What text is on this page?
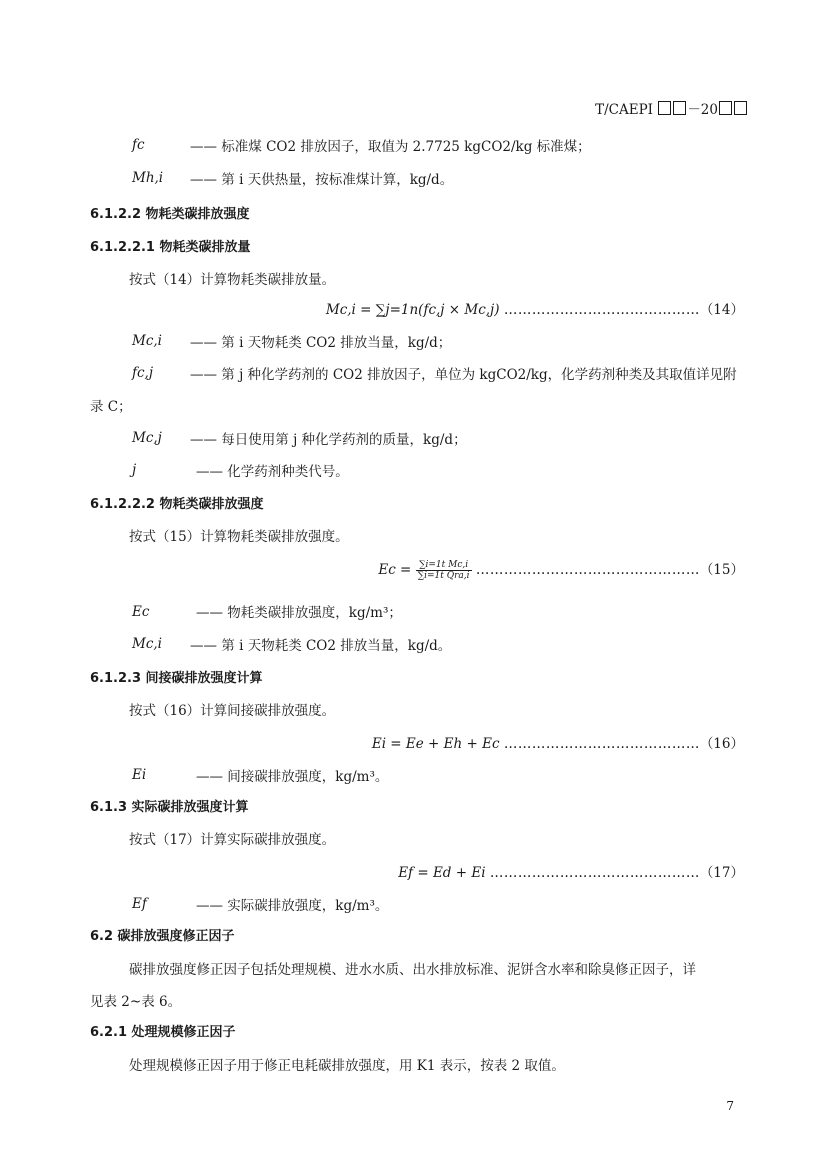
T/CAEPI	－20
fc	—— 标准煤 CO2 排放因子，取值为 2.7725 kgCO2/kg 标准煤；
Mh,i —— 第 i 天供热量，按标准煤计算，kg/d。
6.1.2.2 物耗类碳排放强度
6.1.2.2.1 物耗类碳排放量
按式（14）计算物耗类碳排放量。
Mc,i = ∑j=1n(fc,j × Mc,j) ……………………………………（14）
Mc,i —— 第 i 天物耗类 CO2 排放当量，kg/d；
fc,j	—— 第 j 种化学药剂的 CO2 排放因子，单位为 kgCO2/kg，化学药剂种类及其取值详见附
录 C；
Mc,j —— 每日使用第 j 种化学药剂的质量，kg/d；
j	—— 化学药剂种类代号。
6.1.2.2.2 物耗类碳排放强度
按式（15）计算物耗类碳排放强度。
$Ec = \frac{\text{∑i=1t Mc,i}}{\text{∑i=1t Qra,i}}$ …………………………………………（15）
Ec	—— 物耗类碳排放强度，kg/m³；
Mc,i —— 第 i 天物耗类 CO2 排放当量，kg/d。
6.1.2.3 间接碳排放强度计算
按式（16）计算间接碳排放强度。
Ei = Ee + Eh + Ec ……………………………………（16）
Ei	—— 间接碳排放强度，kg/m³。
6.1.3 实际碳排放强度计算
按式（17）计算实际碳排放强度。
Ef = Ed + Ei ………………………………………（17）
Ef	—— 实际碳排放强度，kg/m³。
6.2 碳排放强度修正因子
碳排放强度修正因子包括处理规模、进水水质、出水排放标准、泥饼含水率和除臭修正因子，详
见表 2~表 6。
6.2.1 处理规模修正因子
处理规模修正因子用于修正电耗碳排放强度，用 K1 表示，按表 2 取值。
7
